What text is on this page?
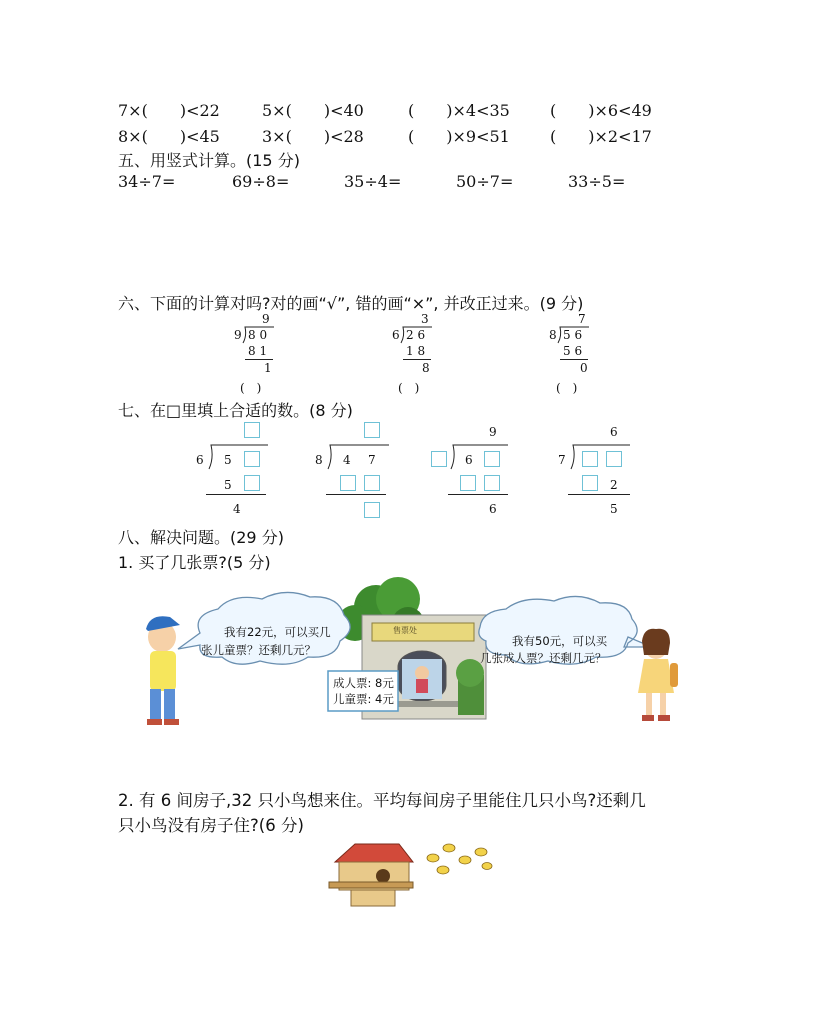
7×(　　)<22	5×(　　)<40	(　　)×4<35	(　　)×6<49
8×(　　)<45	3×(　　)<28	(　　)×9<51	(　　)×2<17
五、用竖式计算。(15 分)
34÷7=	69÷8=	35÷4=	50÷7=	33÷5=
六、下面的计算对吗?对的画“√”, 错的画“×”, 并改正过来。(9 分)
9
9 8 0
8 1
1
(　)
3
6 2 6
1 8
8
(　)
7
8 5 6
5 6
0
(　)
七、在□里填上合适的数。(8 分)
6 5
5
4
8 4 7
9
6
6
6
7
2
5
八、解决问题。(29 分)
1. 买了几张票?(5 分)
我有22元，可以买几
张儿童票？还剩几元？
我有50元，可以买
几张成人票？还剩几元？
售票处
成人票: 8元
儿童票: 4元
2. 有 6 间房子,32 只小鸟想来住。平均每间房子里能住几只小鸟?还剩几
只小鸟没有房子住?(6 分)
